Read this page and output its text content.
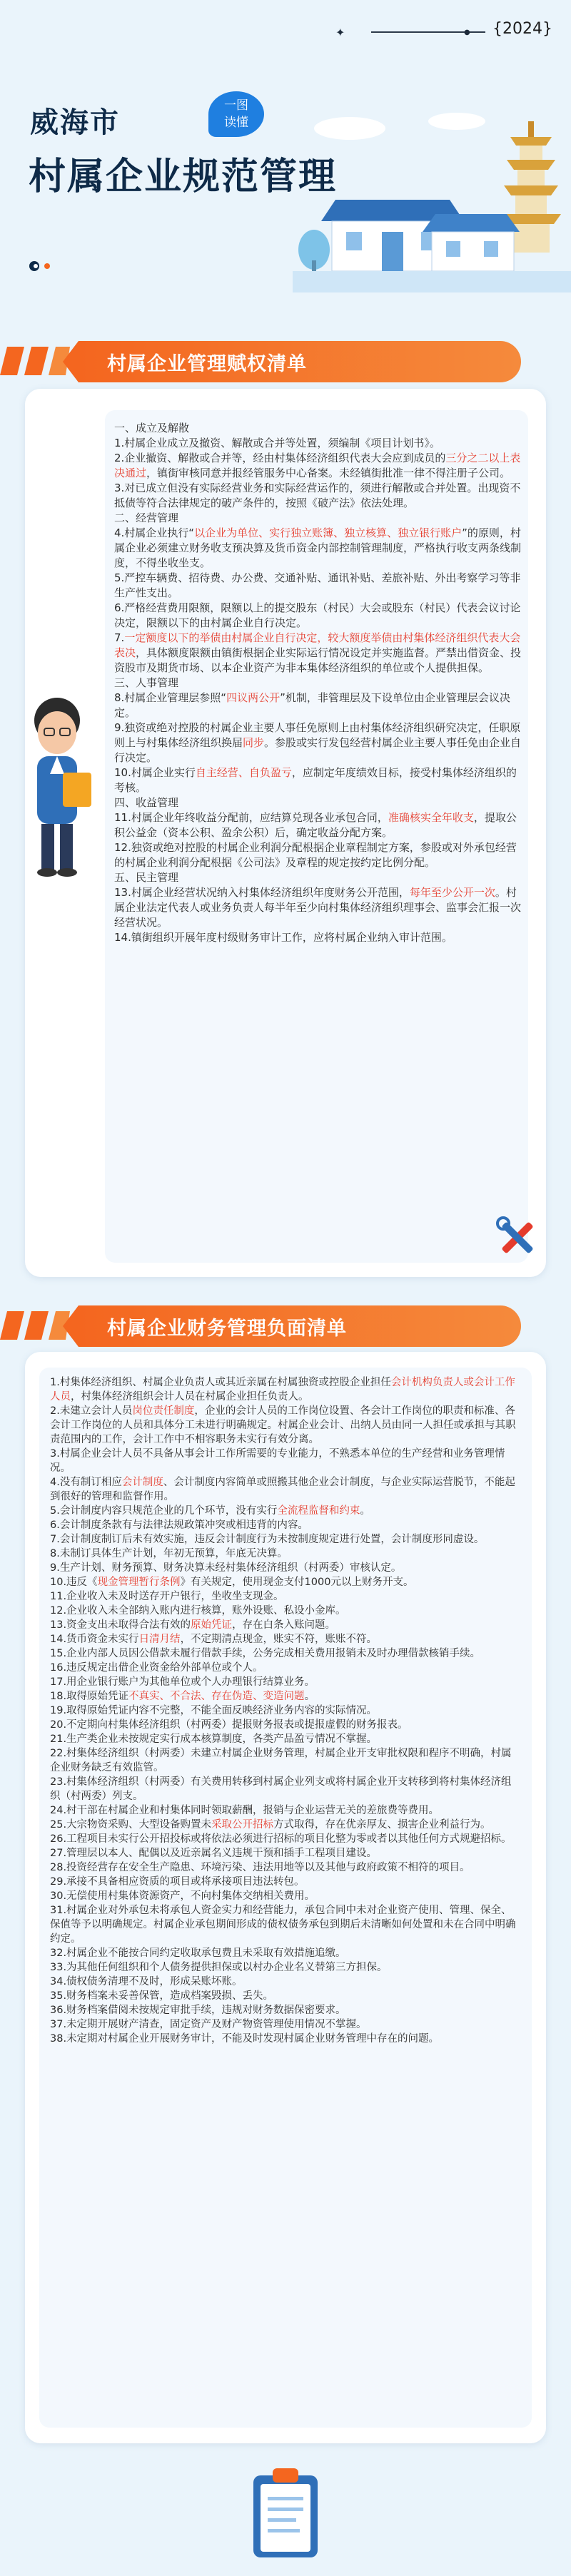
✦	● {2024}
威海市
一图
读懂
村属企业规范管理
村属企业管理赋权清单

一、成立及解散

1.村属企业成立及撤资、解散或合并等处置，须编制《项目计划书》。

2.企业撤资、解散或合并等，经由村集体经济组织代表大会应到成员的三分之二以上表决通过，镇街审核同意并报经管服务中心备案。未经镇街批准一律不得注册子公司。

3.对已成立但没有实际经营业务和实际经营运作的，须进行解散或合并处置。出现资不抵债等符合法律规定的破产条件的，按照《破产法》依法处理。

二、经营管理

4.村属企业执行“以企业为单位、实行独立账簿、独立核算、独立银行账户”的原则，村属企业必须建立财务收支预决算及货币资金内部控制管理制度，严格执行收支两条线制度，不得坐收坐支。

5.严控车辆费、招待费、办公费、交通补贴、通讯补贴、差旅补贴、外出考察学习等非生产性支出。

6.严格经营费用限额，限额以上的提交股东（村民）大会或股东（村民）代表会议讨论决定，限额以下的由村属企业自行决定。

7.一定额度以下的举债由村属企业自行决定，较大额度举债由村集体经济组织代表大会表决，具体额度限额由镇街根据企业实际运行情况设定并实施监督。严禁出借资金、投资股市及期货市场、以本企业资产为非本集体经济组织的单位或个人提供担保。

三、人事管理

8.村属企业管理层参照“四议两公开”机制，非管理层及下设单位由企业管理层会议决定。

9.独资或绝对控股的村属企业主要人事任免原则上由村集体经济组织研究决定，任职原则上与村集体经济组织换届同步。参股或实行发包经营村属企业主要人事任免由企业自行决定。

10.村属企业实行自主经营、自负盈亏，应制定年度绩效目标，接受村集体经济组织的考核。

四、收益管理

11.村属企业年终收益分配前，应结算兑现各业承包合同，准确核实全年收支，提取公积公益金（资本公积、盈余公积）后，确定收益分配方案。

12.独资或绝对控股的村属企业利润分配根据企业章程制定方案，参股或对外承包经营的村属企业利润分配根据《公司法》及章程的规定按约定比例分配。

五、民主管理

13.村属企业经营状况纳入村集体经济组织年度财务公开范围，每年至少公开一次。村属企业法定代表人或业务负责人每半年至少向村集体经济组织理事会、监事会汇报一次经营状况。

14.镇街组织开展年度村级财务审计工作，应将村属企业纳入审计范围。

村属企业财务管理负面清单

1.村集体经济组织、村属企业负责人或其近亲属在村属独资或控股企业担任会计机构负责人或会计工作人员，村集体经济组织会计人员在村属企业担任负责人。

2.未建立会计人员岗位责任制度，企业的会计人员的工作岗位设置、各会计工作岗位的职责和标准、各会计工作岗位的人员和具体分工未进行明确规定。村属企业会计、出纳人员由同一人担任或承担与其职责范围内的工作，会计工作中不相容职务未实行有效分离。

3.村属企业会计人员不具备从事会计工作所需要的专业能力，不熟悉本单位的生产经营和业务管理情况。

4.没有制订相应会计制度、会计制度内容简单或照搬其他企业会计制度，与企业实际运营脱节，不能起到很好的管理和监督作用。

5.会计制度内容只规范企业的几个环节，没有实行全流程监督和约束。

6.会计制度条款有与法律法规政策冲突或相违背的内容。

7.会计制度制订后未有效实施，违反会计制度行为未按制度规定进行处置，会计制度形同虚设。

8.未制订具体生产计划，年初无预算，年底无决算。

9.生产计划、财务预算、财务决算未经村集体经济组织（村两委）审核认定。

10.违反《现金管理暂行条例》有关规定，使用现金支付1000元以上财务开支。

11.企业收入未及时送存开户银行，坐收坐支现金。

12.企业收入未全部纳入账内进行核算，账外设账、私设小金库。

13.资金支出未取得合法有效的原始凭证，存在白条入账问题。

14.货币资金未实行日清月结，不定期清点现金，账实不符，账账不符。

15.企业内部人员因公借款未履行借款手续，公务完成相关费用报销未及时办理借款核销手续。

16.违反规定出借企业资金给外部单位或个人。

17.用企业银行账户为其他单位或个人办理银行结算业务。

18.取得原始凭证不真实、不合法、存在伪造、变造问题。

19.取得原始凭证内容不完整，不能全面反映经济业务内容的实际情况。

20.不定期向村集体经济组织（村两委）提报财务报表或提报虚假的财务报表。

21.生产类企业未按规定实行成本核算制度，各类产品盈亏情况不掌握。

22.村集体经济组织（村两委）未建立村属企业财务管理，村属企业开支审批权限和程序不明确，村属企业财务缺乏有效监管。

23.村集体经济组织（村两委）有关费用转移到村属企业列支或将村属企业开支转移到将村集体经济组织（村两委）列支。

24.村干部在村属企业和村集体同时领取薪酬，报销与企业运营无关的差旅费等费用。

25.大宗物资采购、大型设备购置未采取公开招标方式取得，存在优亲厚友、损害企业利益行为。

26.工程项目未实行公开招投标或将依法必须进行招标的项目化整为零或者以其他任何方式规避招标。

27.管理层以本人、配偶以及近亲属名义违规干预和插手工程项目建设。

28.投资经营存在安全生产隐患、环境污染、违法用地等以及其他与政府政策不相符的项目。

29.承接不具备相应资质的项目或将承接项目违法转包。

30.无偿使用村集体资源资产，不向村集体交纳相关费用。

31.村属企业对外承包未将承包人资金实力和经营能力，承包合同中未对企业资产使用、管理、保全、保值等予以明确规定。村属企业承包期间形成的债权债务承包到期后未清晰如何处置和未在合同中明确约定。

32.村属企业不能按合同约定收取承包费且未采取有效措施追缴。

33.为其他任何组织和个人债务提供担保或以村办企业名义替第三方担保。

34.债权债务清理不及时，形成呆账坏账。

35.财务档案未妥善保管，造成档案毁损、丢失。

36.财务档案借阅未按规定审批手续，违规对财务数据保密要求。

37.未定期开展财产清查，固定资产及财产物资管理使用情况不掌握。

38.未定期对村属企业开展财务审计，不能及时发现村属企业财务管理中存在的问题。
